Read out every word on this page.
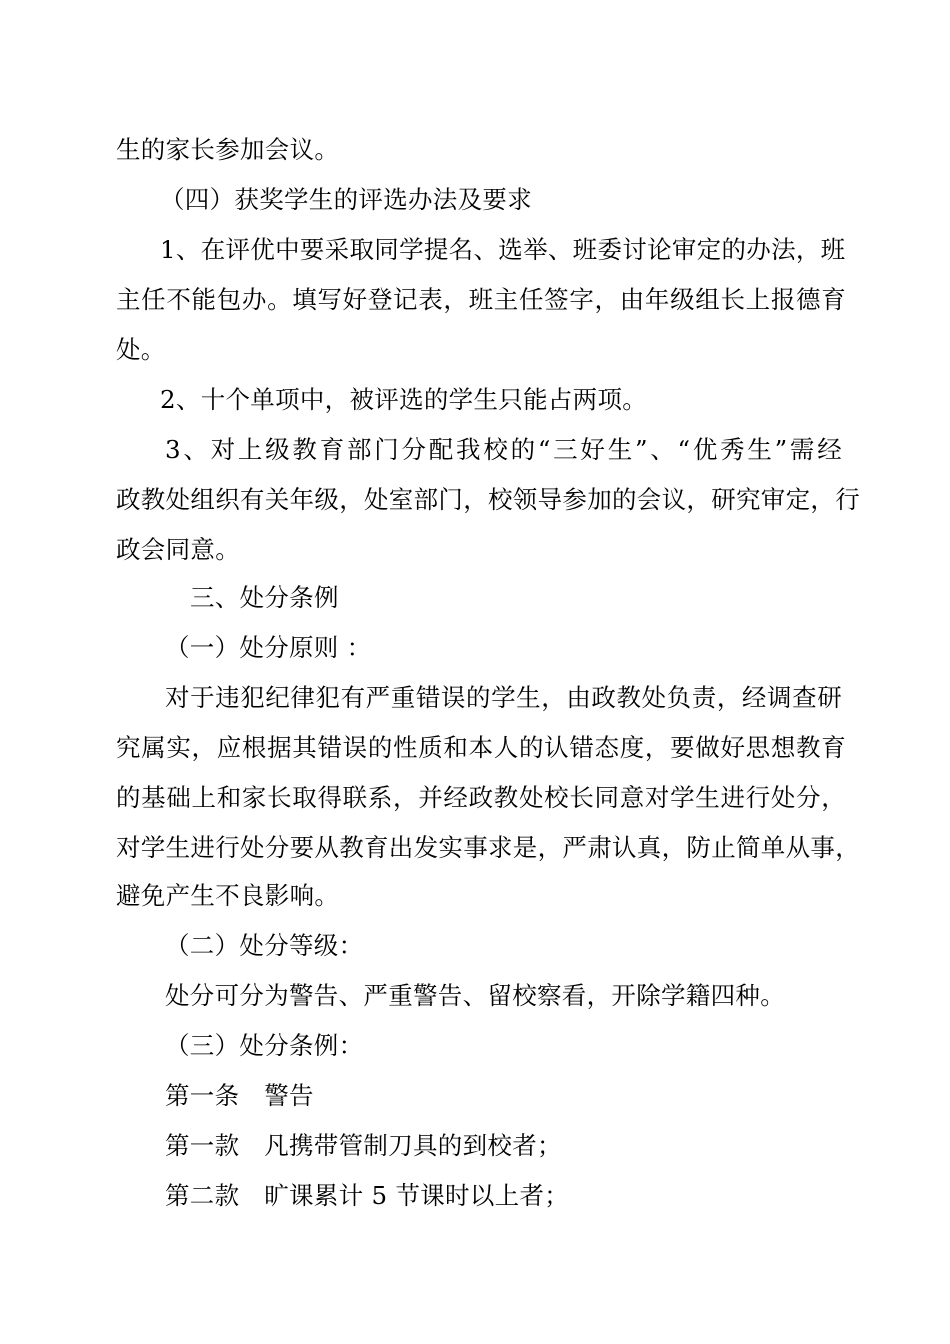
生的家长参加会议。
（四）获奖学生的评选办法及要求
1、在评优中要采取同学提名、选举、班委讨论审定的办法，班
主任不能包办。填写好登记表，班主任签字，由年级组长上报德育
处。
2、十个单项中，被评选的学生只能占两项。
3、对上级教育部门分配我校的“三好生”、“优秀生”需经
政教处组织有关年级，处室部门，校领导参加的会议，研究审定，行
政会同意。
三、处分条例
（一）处分原则 ：
对于违犯纪律犯有严重错误的学生，由政教处负责，经调查研
究属实，应根据其错误的性质和本人的认错态度，要做好思想教育
的基础上和家长取得联系，并经政教处校长同意对学生进行处分，
对学生进行处分要从教育出发实事求是，严肃认真，防止简单从事，
避免产生不良影响。
（二）处分等级：
处分可分为警告、严重警告、留校察看，开除学籍四种。
（三）处分条例：
第一条　警告
第一款　凡携带管制刀具的到校者；
第二款　旷课累计 5 节课时以上者；
